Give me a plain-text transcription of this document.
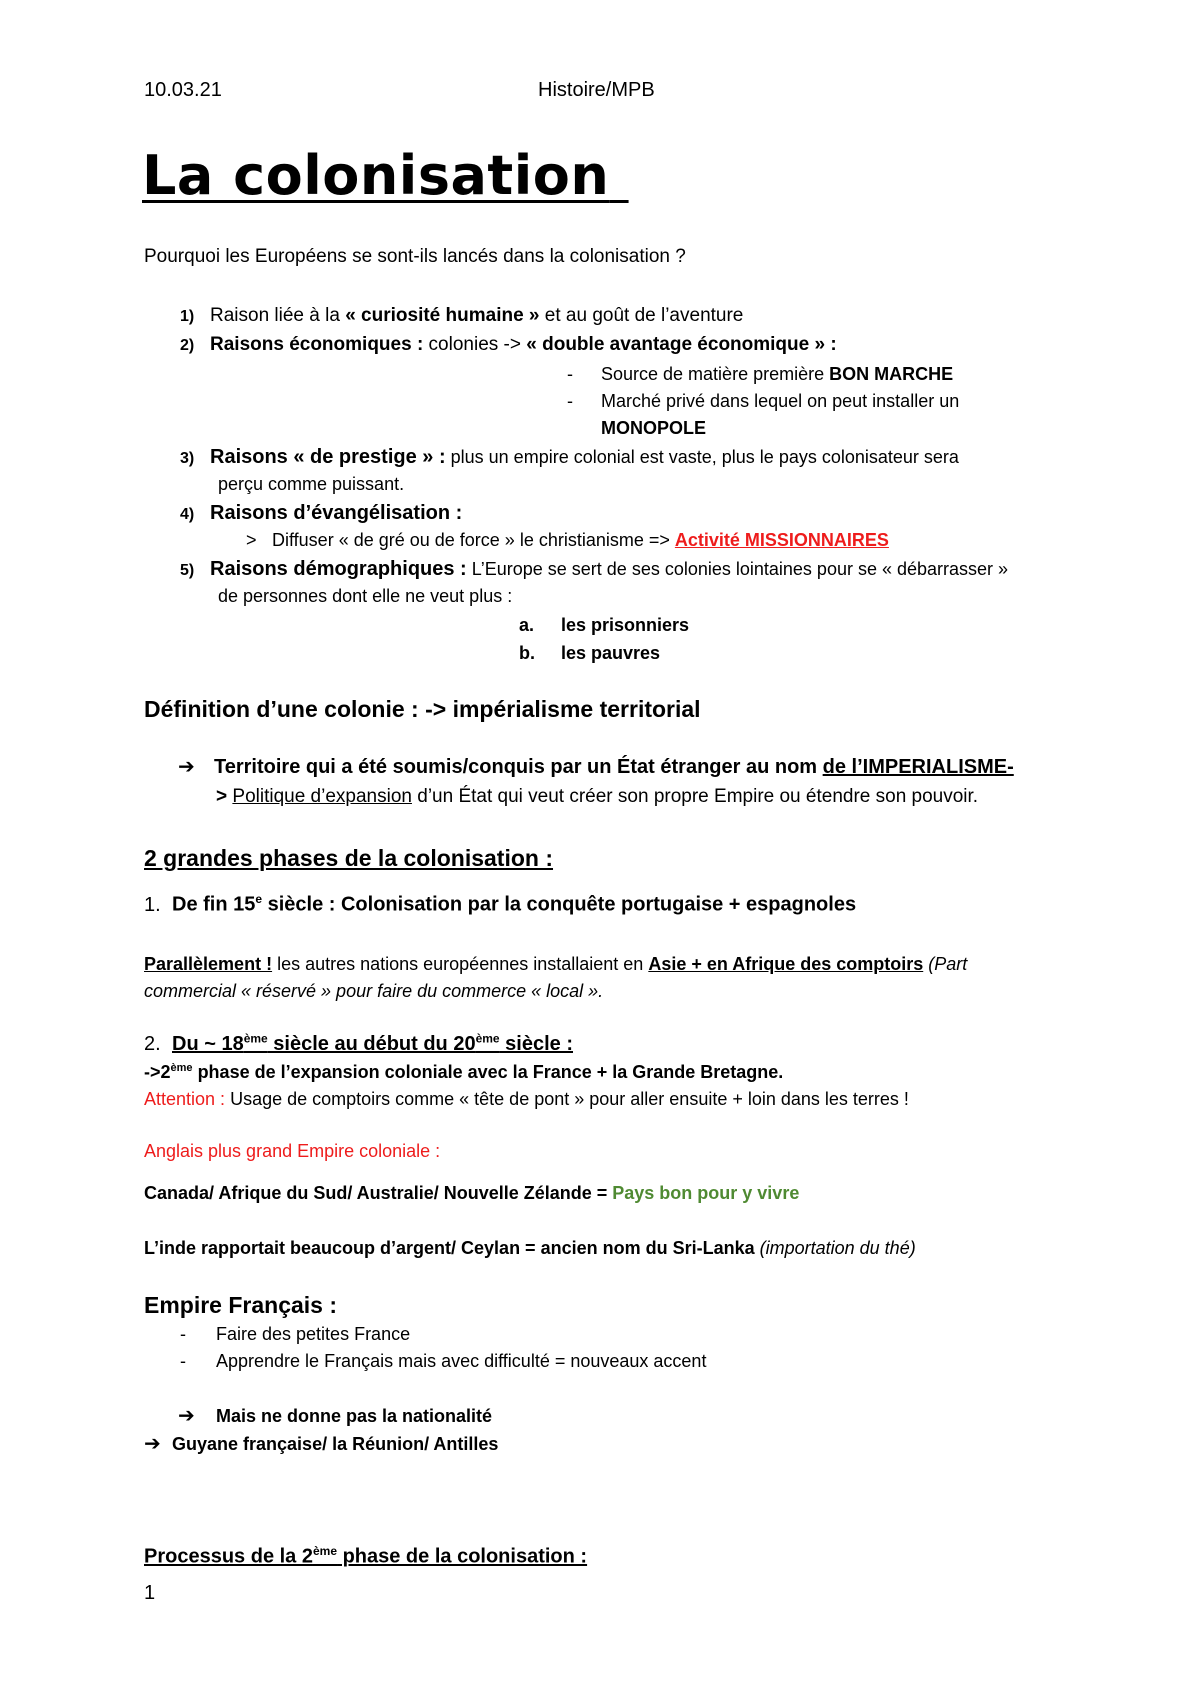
10.03.21	Histoire/MPB
La colonisation
Pourquoi les Européens se sont-ils lancés dans la colonisation ?
1) Raison liée à la « curiosité humaine » et au goût de l’aventure
2) Raisons économiques : colonies -> « double avantage économique » :
- Source de matière première BON MARCHE
- Marché privé dans lequel on peut installer un
MONOPOLE
3) Raisons « de prestige » : plus un empire colonial est vaste, plus le pays colonisateur sera
perçu comme puissant.
4) Raisons d’évangélisation :
> Diffuser « de gré ou de force » le christianisme => Activité MISSIONNAIRES
5) Raisons démographiques : L’Europe se sert de ses colonies lointaines pour se « débarrasser »
de personnes dont elle ne veut plus :
a. les prisonniers
b. les pauvres
Définition d’une colonie : -> impérialisme territorial
➔ Territoire qui a été soumis/conquis par un État étranger au nom de l’IMPERIALISME-
> Politique d’expansion d’un État qui veut créer son propre Empire ou étendre son pouvoir.
2 grandes phases de la colonisation :
1. De fin 15e siècle : Colonisation par la conquête portugaise + espagnoles
Parallèlement ! les autres nations européennes installaient en Asie + en Afrique des comptoirs (Part
commercial « réservé » pour faire du commerce « local ».
2. Du ~ 18ème siècle au début du 20ème siècle :
->2ème phase de l’expansion coloniale avec la France + la Grande Bretagne.
Attention : Usage de comptoirs comme « tête de pont » pour aller ensuite + loin dans les terres !
Anglais plus grand Empire coloniale :
Canada/ Afrique du Sud/ Australie/ Nouvelle Zélande = Pays bon pour y vivre
L’inde rapportait beaucoup d’argent/ Ceylan = ancien nom du Sri-Lanka (importation du thé)
Empire Français :
- Faire des petites France
- Apprendre le Français mais avec difficulté = nouveaux accent
➔ Mais ne donne pas la nationalité
➔ Guyane française/ la Réunion/ Antilles
Processus de la 2ème phase de la colonisation :
1
